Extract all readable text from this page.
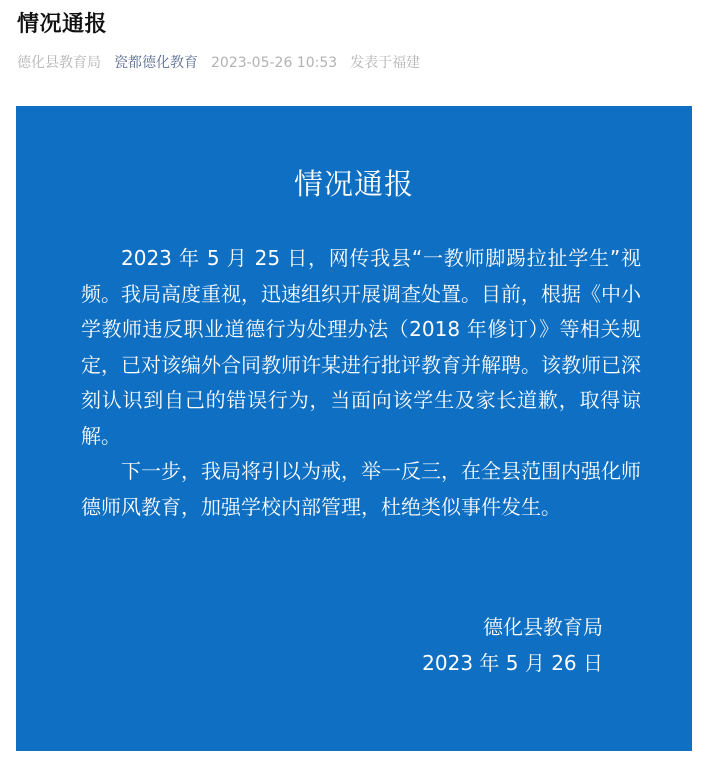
情况通报
德化县教育局 瓷都德化教育 2023-05-26 10:53 发表于福建
情况通报

2023 年 5 月 25 日，网传我县“一教师脚踢拉扯学生”视频。我局高度重视，迅速组织开展调查处置。目前，根据《中小学教师违反职业道德行为处理办法（2018 年修订）》等相关规定，已对该编外合同教师许某进行批评教育并解聘。该教师已深刻认识到自己的错误行为，当面向该学生及家长道歉，取得谅解。

下一步，我局将引以为戒，举一反三，在全县范围内强化师德师风教育，加强学校内部管理，杜绝类似事件发生。

德化县教育局
2023 年 5 月 26 日
